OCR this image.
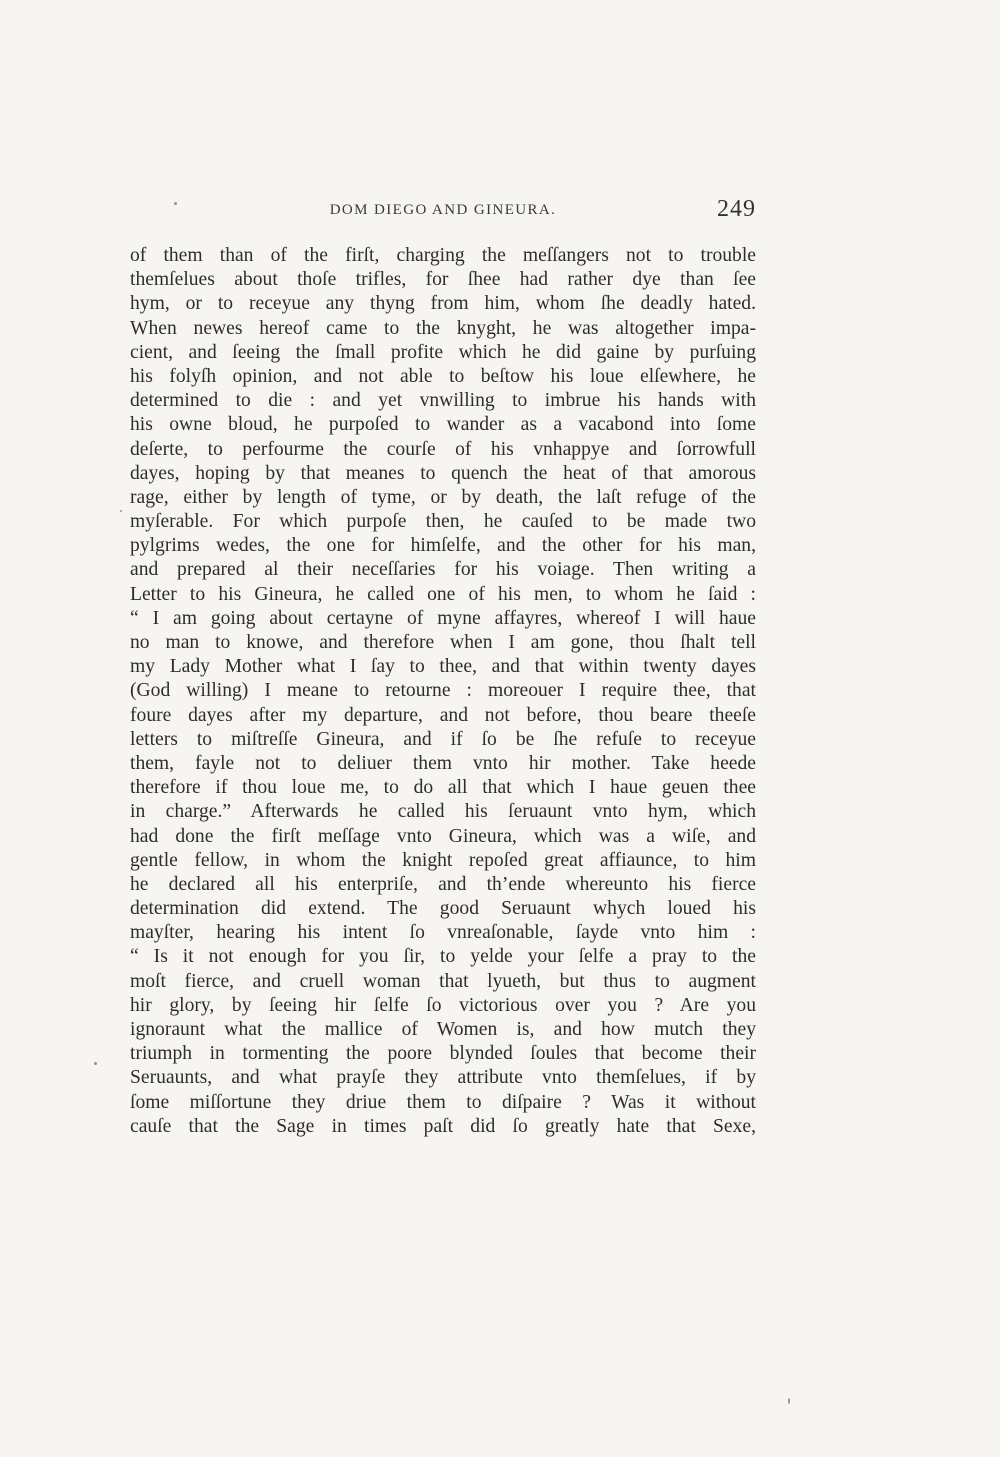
DOM DIEGO AND GINEURA.	249
of them than of the firſt, charging the meſſangers not to trouble
themſelues about thoſe trifles, for ſhee had rather dye than ſee
hym, or to receyue any thyng from him, whom ſhe deadly hated.
When newes hereof came to the knyght, he was altogether impa-
cient, and ſeeing the ſmall profite which he did gaine by purſuing
his folyſh opinion, and not able to beſtow his loue elſewhere, he
determined to die : and yet vnwilling to imbrue his hands with
his owne bloud, he purpoſed to wander as a vacabond into ſome
deſerte, to perfourme the courſe of his vnhappye and ſorrowfull
dayes, hoping by that meanes to quench the heat of that amorous
rage, either by length of tyme, or by death, the laſt refuge of the
myſerable. For which purpoſe then, he cauſed to be made two
pylgrims wedes, the one for himſelfe, and the other for his man,
and prepared al their neceſſaries for his voiage. Then writing a
Letter to his Gineura, he called one of his men, to whom he ſaid :
“ I am going about certayne of myne affayres, whereof I will haue
no man to knowe, and therefore when I am gone, thou ſhalt tell
my Lady Mother what I ſay to thee, and that within twenty dayes
(God willing) I meane to retourne : moreouer I require thee, that
foure dayes after my departure, and not before, thou beare theeſe
letters to miſtreſſe Gineura, and if ſo be ſhe refuſe to receyue
them, fayle not to deliuer them vnto hir mother. Take heede
therefore if thou loue me, to do all that which I haue geuen thee
in charge.” Afterwards he called his ſeruaunt vnto hym, which
had done the firſt meſſage vnto Gineura, which was a wiſe, and
gentle fellow, in whom the knight repoſed great affiaunce, to him
he declared all his enterpriſe, and th’ende whereunto his fierce
determination did extend. The good Seruaunt whych loued his
mayſter, hearing his intent ſo vnreaſonable, ſayde vnto him :
“ Is it not enough for you ſir, to yelde your ſelfe a pray to the
moſt fierce, and cruell woman that lyueth, but thus to augment
hir glory, by ſeeing hir ſelfe ſo victorious over you ? Are you
ignoraunt what the mallice of Women is, and how mutch they
triumph in tormenting the poore blynded ſoules that become their
Seruaunts, and what prayſe they attribute vnto themſelues, if by
ſome miſſortune they driue them to diſpaire ? Was it without
cauſe that the Sage in times paſt did ſo greatly hate that Sexe,
